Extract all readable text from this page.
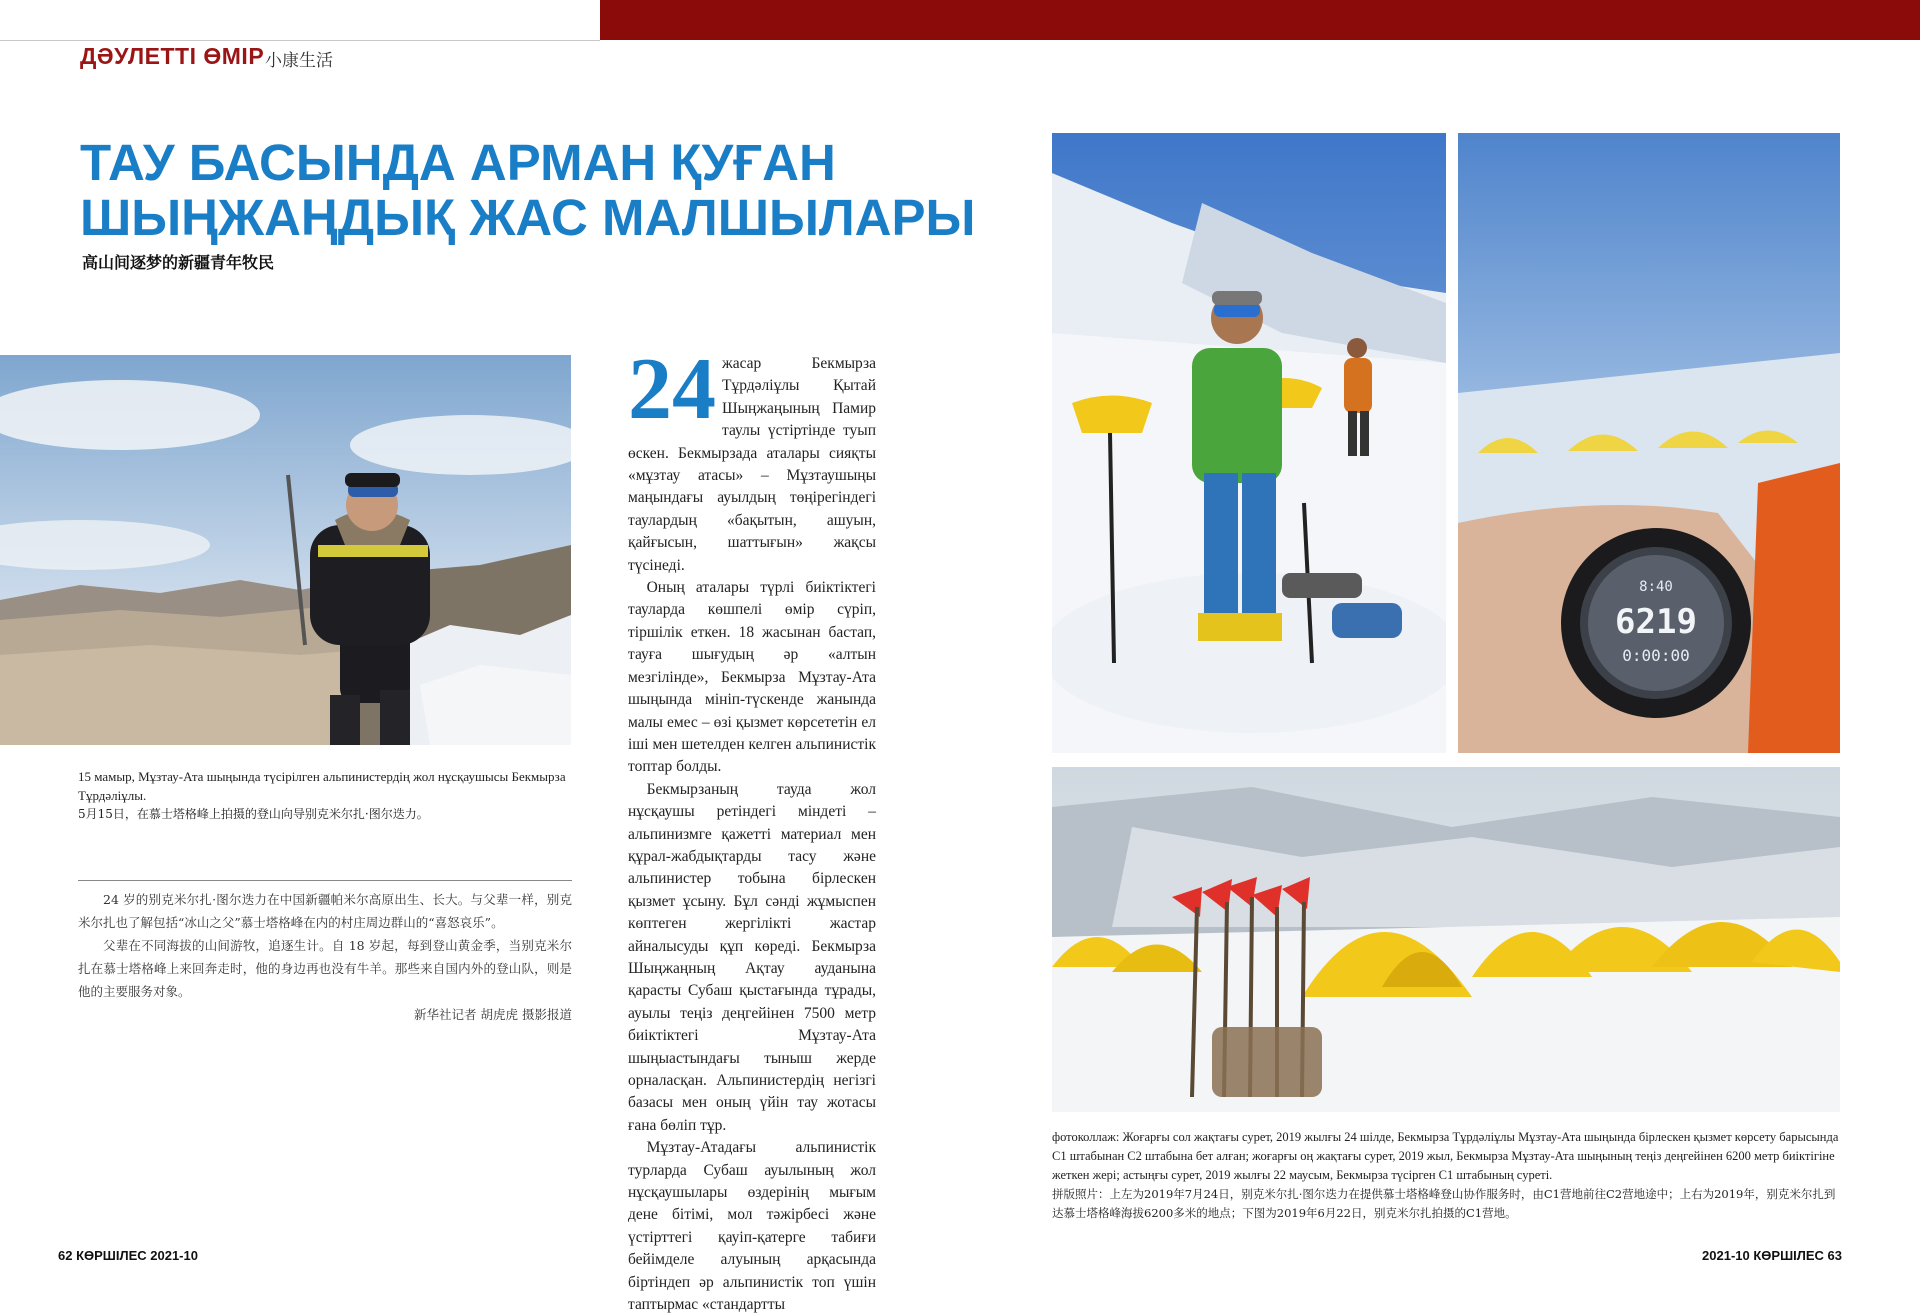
ДӘУЛЕТТІ ӨМІР 小康生活
ТАУ БАСЫНДА АРМАН ҚУҒАН
ШЫҢЖАҢДЫҚ ЖАС МАЛШЫЛАРЫ
高山间逐梦的新疆青年牧民
15 мамыр, Мұзтау-Ата шыңында түсірілген альпинистердің жол нұсқаушысы Бекмырза Тұрдәліұлы.
5月15日，在慕士塔格峰上拍摄的登山向导别克米尔扎·图尔迭力。

24 岁的别克米尔扎·图尔迭力在中国新疆帕米尔高原出生、长大。与父辈一样，别克米尔扎也了解包括“冰山之父”慕士塔格峰在内的村庄周边群山的“喜怒哀乐”。

父辈在不同海拔的山间游牧，追逐生计。自 18 岁起，每到登山黄金季，当别克米尔扎在慕士塔格峰上来回奔走时，他的身边再也没有牛羊。那些来自国内外的登山队，则是他的主要服务对象。

新华社记者 胡虎虎 摄影报道

24 жасар Бекмырза Тұрдәліұлы Қытай Шыңжаңының Памир таулы үстіртінде туып өскен. Бекмырзада аталары сияқты «мұзтау атасы» – Мұзтаушыңы маңындағы ауылдың төңірегіндегі таулардың «бақытын, ашуын, қайғысын, шаттығын» жақсы түсінеді.

Оның аталары түрлі биіктіктегі тауларда көшпелі өмір сүріп, тіршілік еткен. 18 жасынан бастап, тауға шығудың әр «алтын мезгілінде», Бекмырза Мұзтау-Ата шыңында мініп-түскенде жанында малы емес – өзі қызмет көрсететін ел іші мен шетелден келген альпинистік топтар болды.

Бекмырзаның тауда жол нұсқаушы ретіндегі міндеті – альпинизмге қажетті материал мен құрал-жабдықтарды тасу және альпинистер тобына бірлескен қызмет ұсыну. Бұл сәнді жұмыспен көптеген жергілікті жастар айналысуды құп көреді. Бекмырза Шыңжаңның Ақтау ауданына қарасты Субаш қыстағында тұрады, ауылы теңіз деңгейінен 7500 метр биіктіктегі Мұзтау-Ата шыңыастындағы тыныш жерде орналасқан. Альпинистердің негізгі базасы мен оның үйін тау жотасы ғана бөліп тұр.

Мұзтау-Атадағы альпинистік турларда Субаш ауылының жол нұсқаушылары өздерінің мығым дене бітімі, мол тәжірбесі және үстірттегі қауіп-қатерге табиғи бейімделе алуының арқасында біртіндеп әр альпинистік топ үшін таптырмас «стандартты

8:40
6219
0:00:00
фотоколлаж: Жоғарғы сол жақтағы сурет, 2019 жылғы 24 шілде, Бекмырза Тұрдәліұлы Мұзтау-Ата шыңында бірлескен қызмет көрсету барысында С1 штабынан С2 штабына бет алған; жоғарғы оң жақтағы сурет, 2019 жыл, Бекмырза Мұзтау-Ата шыңының теңіз деңгейінен 6200 метр биіктігіне жеткен жері; астыңғы сурет, 2019 жылғы 22 маусым, Бекмырза түсірген С1 штабының суреті.
拼版照片：上左为2019年7月24日，别克米尔扎·图尔迭力在提供慕士塔格峰登山协作服务时，由C1营地前往C2营地途中；上右为2019年，别克米尔扎到达慕士塔格峰海拔6200多米的地点；下图为2019年6月22日，别克米尔扎拍摄的C1营地。
62 КӨРШІЛЕС 2021-10	2021-10 КӨРШІЛЕС 63
